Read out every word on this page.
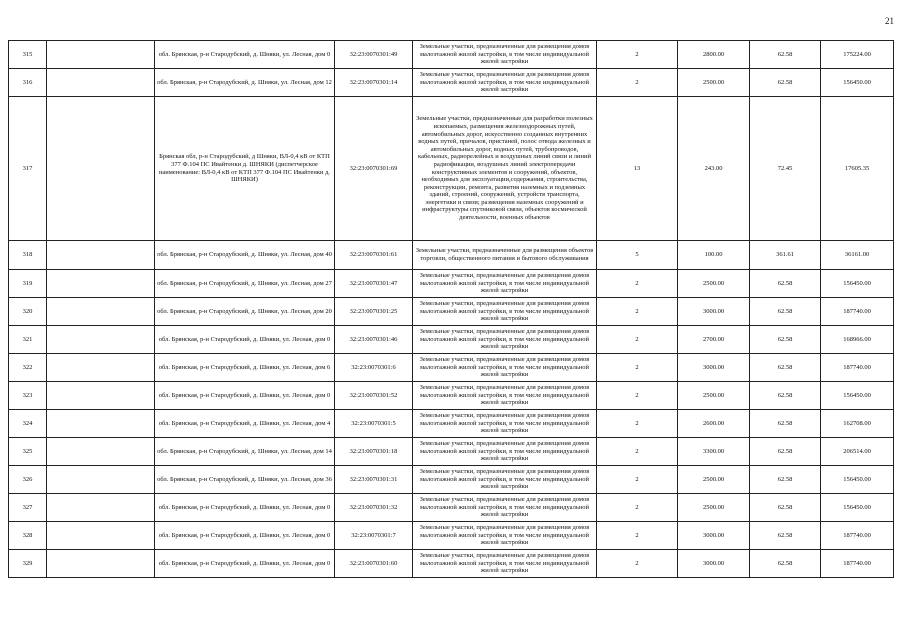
21
315		обл. Брянская, р-н Стародубский, д. Шняки, ул. Лесная, дом 0	32:23:0070301:49	Земельные участки, предназначенные для размещения домов малоэтажной жилой застройки, в том числе индивидуальной жилой застройки	2	2800.00	62.58	175224.00
316		обл. Брянская, р-н Стародубский, д. Шняки, ул. Лесная, дом 12	32:23:0070301:14	Земельные участки, предназначенные для размещения домов малоэтажной жилой застройки, в том числе индивидуальной жилой застройки	2	2500.00	62.58	156450.00
317		Брянская обл, р-н Стародубский, д Шняки, ВЛ-0,4 кВ от КТП 377 Ф.104 ПС Ивайтенки д. ШНЯКИ (диспетчерское наименование: ВЛ-0,4 кВ от КТП 377 Ф.104 ПС Ивайтенки д. ШНЯКИ)	32:23:0070301:69	Земельные участки, предназначенные для разработки полезных ископаемых, размещения железнодорожных путей, автомобильных дорог, искусственно созданных внутренних водных путей, причалов, пристаней, полос отвода железных и автомобильных дорог, водных путей, трубопроводов, кабельных, радиорелейных и воздушных линий связи и линий радиофикации, воздушных линий электропередачи конструктивных элементов и сооружений, объектов, необходимых для эксплуатации,содержания, строительства, реконструкции, ремонта, развития наземных и подземных зданий, строений, сооружений, устройств транспорта, энергетики и связи; размещения наземных сооружений и инфраструктуры спутниковой связи, объектов космической деятельности, военных объектов	13	243.00	72.45	17605.35
318		обл. Брянская, р-н Стародубский, д. Шняки, ул. Лесная, дом 40	32:23:0070301:61	Земельные участки, предназначенные для размещения объектов торговли, общественного питания и бытового обслуживания	5	100.00	361.61	36161.00
319		обл. Брянская, р-н Стародубский, д. Шняки, ул. Лесная, дом 27	32:23:0070301:47	Земельные участки, предназначенные для размещения домов малоэтажной жилой застройки, в том числе индивидуальной жилой застройки	2	2500.00	62.58	156450.00
320		обл. Брянская, р-н Стародубский, д. Шняки, ул. Лесная, дом 20	32:23:0070301:25	Земельные участки, предназначенные для размещения домов малоэтажной жилой застройки, в том числе индивидуальной жилой застройки	2	3000.00	62.58	187740.00
321		обл. Брянская, р-н Стародубский, д. Шняки, ул. Лесная, дом 0	32:23:0070301:46	Земельные участки, предназначенные для размещения домов малоэтажной жилой застройки, в том числе индивидуальной жилой застройки	2	2700.00	62.58	168966.00
322		обл. Брянская, р-н Стародубский, д. Шняки, ул. Лесная, дом 6	32:23:0070301:6	Земельные участки, предназначенные для размещения домов малоэтажной жилой застройки, в том числе индивидуальной жилой застройки	2	3000.00	62.58	187740.00
323		обл. Брянская, р-н Стародубский, д. Шняки, ул. Лесная, дом 0	32:23:0070301:52	Земельные участки, предназначенные для размещения домов малоэтажной жилой застройки, в том числе индивидуальной жилой застройки	2	2500.00	62.58	156450.00
324		обл. Брянская, р-н Стародубский, д. Шняки, ул. Лесная, дом 4	32:23:0070301:5	Земельные участки, предназначенные для размещения домов малоэтажной жилой застройки, в том числе индивидуальной жилой застройки	2	2600.00	62.58	162708.00
325		обл. Брянская, р-н Стародубский, д. Шняки, ул. Лесная, дом 14	32:23:0070301:18	Земельные участки, предназначенные для размещения домов малоэтажной жилой застройки, в том числе индивидуальной жилой застройки	2	3300.00	62.58	206514.00
326		обл. Брянская, р-н Стародубский, д. Шняки, ул. Лесная, дом 36	32:23:0070301:31	Земельные участки, предназначенные для размещения домов малоэтажной жилой застройки, в том числе индивидуальной жилой застройки	2	2500.00	62.58	156450.00
327		обл. Брянская, р-н Стародубский, д. Шняки, ул. Лесная, дом 0	32:23:0070301:32	Земельные участки, предназначенные для размещения домов малоэтажной жилой застройки, в том числе индивидуальной жилой застройки	2	2500.00	62.58	156450.00
328		обл. Брянская, р-н Стародубский, д. Шняки, ул. Лесная, дом 0	32:23:0070301:7	Земельные участки, предназначенные для размещения домов малоэтажной жилой застройки, в том числе индивидуальной жилой застройки	2	3000.00	62.58	187740.00
329		обл. Брянская, р-н Стародубский, д. Шняки, ул. Лесная, дом 0	32:23:0070301:60	Земельные участки, предназначенные для размещения домов малоэтажной жилой застройки, в том числе индивидуальной жилой застройки	2	3000.00	62.58	187740.00
